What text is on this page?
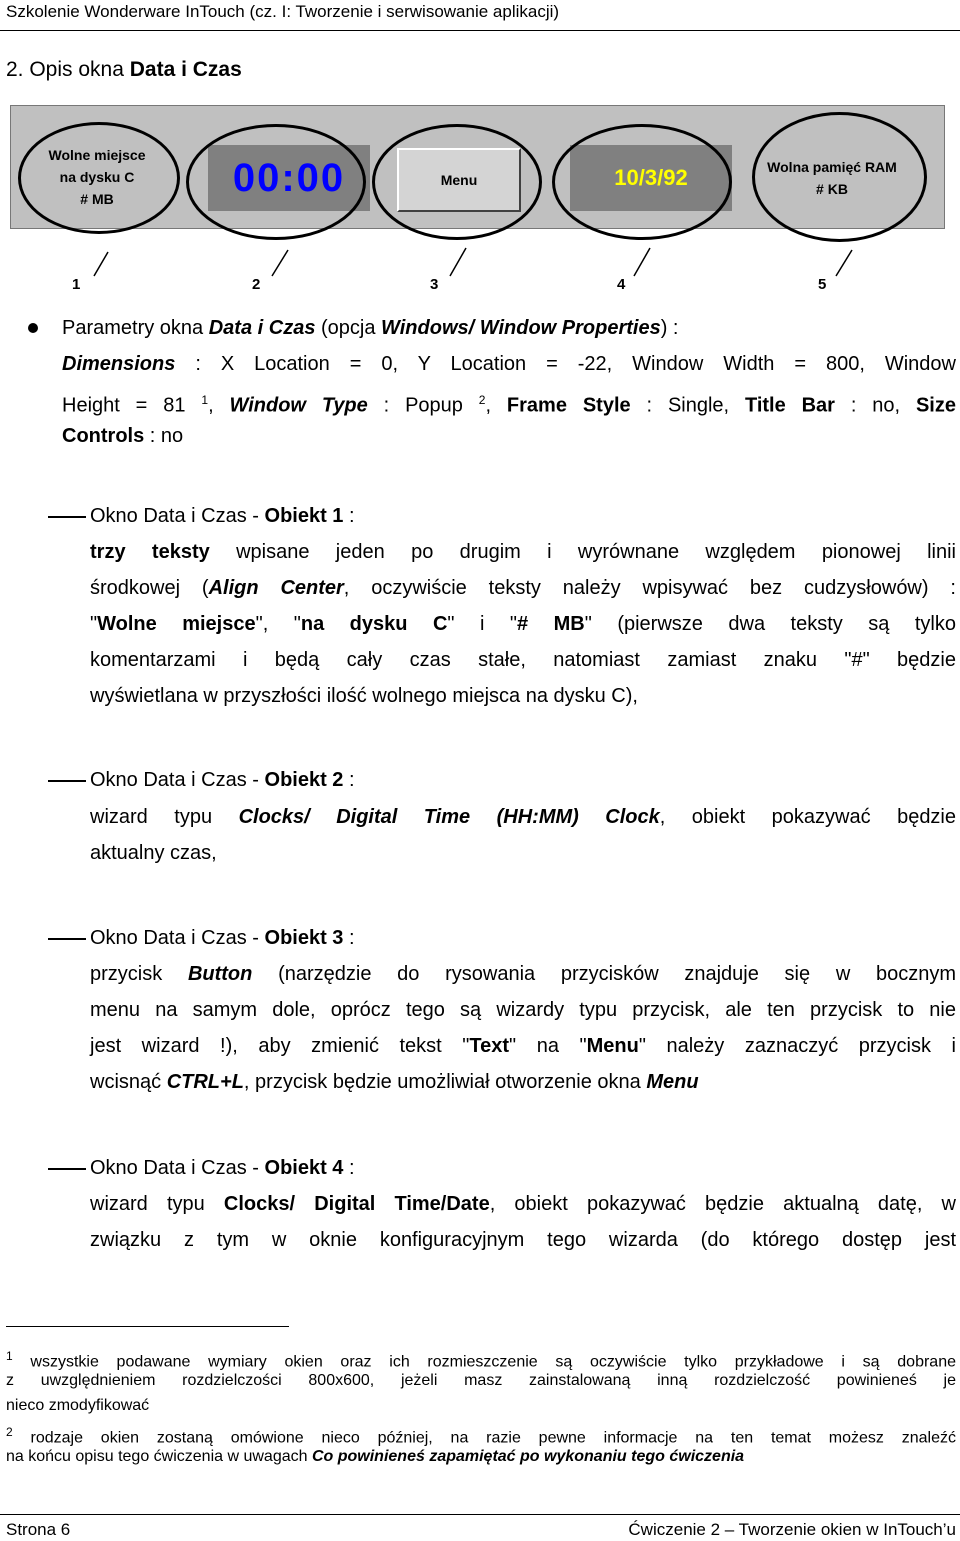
Szkolenie Wonderware InTouch (cz. I: Tworzenie i serwisowanie aplikacji)
2. Opis okna Data i Czas
Wolne miejsce
na dysku C
# MB	00:00	Menu	10/3/92	Wolna pamięć RAM
# KB
1	2	3	4	5
Parametry okna Data i Czas (opcja Windows/ Window Properties) :
Dimensions : X Location = 0, Y Location = -22, Window Width = 800, Window
Height = 81 $^1$, Window Type : Popup $^2$, Frame Style : Single, Title Bar : no, Size
Controls : no
Okno Data i Czas - Obiekt 1 :
trzy teksty wpisane jeden po drugim i wyrównane względem pionowej linii
środkowej (Align Center, oczywiście teksty należy wpisywać bez cudzysłowów) :
"Wolne miejsce", "na dysku C" i "# MB" (pierwsze dwa teksty są tylko
komentarzami i będą cały czas stałe, natomiast zamiast znaku "#" będzie
wyświetlana w przyszłości ilość wolnego miejsca na dysku C),
Okno Data i Czas - Obiekt 2 :
wizard typu Clocks/ Digital Time (HH:MM) Clock, obiekt pokazywać będzie
aktualny czas,
Okno Data i Czas - Obiekt 3 :
przycisk Button (narzędzie do rysowania przycisków znajduje się w bocznym
menu na samym dole, oprócz tego są wizardy typu przycisk, ale ten przycisk to nie
jest wizard !), aby zmienić tekst "Text" na "Menu" należy zaznaczyć przycisk i
wcisnąć CTRL+L, przycisk będzie umożliwiał otworzenie okna Menu
Okno Data i Czas - Obiekt 4 :
wizard typu Clocks/ Digital Time/Date, obiekt pokazywać będzie aktualną datę, w
związku z tym w oknie konfiguracyjnym tego wizarda (do którego dostęp jest
$^1$ wszystkie podawane wymiary okien oraz ich rozmieszczenie są oczywiście tylko przykładowe i są dobrane
z uwzględnieniem rozdzielczości 800x600, jeżeli masz zainstalowaną inną rozdzielczość powinieneś je
nieco zmodyfikować
$^2$ rodzaje okien zostaną omówione nieco później, na razie pewne informacje na ten temat możesz znaleźć
na końcu opisu tego ćwiczenia w uwagach Co powinieneś zapamiętać po wykonaniu tego ćwiczenia
Strona 6	Ćwiczenie 2 – Tworzenie okien w InTouch’u
